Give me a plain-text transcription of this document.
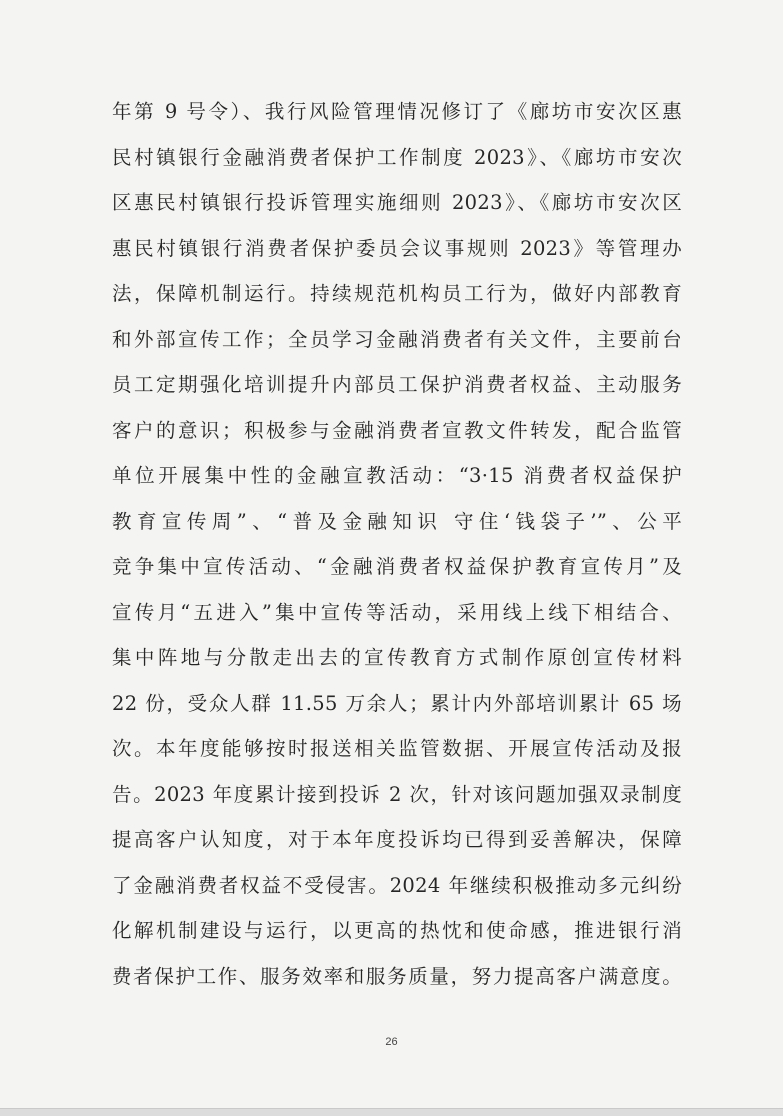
年第 9 号令）、我行风险管理情况修订了《廊坊市安次区惠
民村镇银行金融消费者保护工作制度 2023》、《廊坊市安次
区惠民村镇银行投诉管理实施细则 2023》、《廊坊市安次区
惠民村镇银行消费者保护委员会议事规则 2023》等管理办
法，保障机制运行。持续规范机构员工行为，做好内部教育
和外部宣传工作；全员学习金融消费者有关文件，主要前台
员工定期强化培训提升内部员工保护消费者权益、主动服务
客户的意识；积极参与金融消费者宣教文件转发，配合监管
单位开展集中性的金融宣教活动：“3·15 消费者权益保护
教育宣传周”、“普及金融知识 守住‘钱袋子’”、公平
竞争集中宣传活动、“金融消费者权益保护教育宣传月”及
宣传月“五进入”集中宣传等活动，采用线上线下相结合、
集中阵地与分散走出去的宣传教育方式制作原创宣传材料
22 份，受众人群 11.55 万余人；累计内外部培训累计 65 场
次。本年度能够按时报送相关监管数据、开展宣传活动及报
告。2023 年度累计接到投诉 2 次，针对该问题加强双录制度
提高客户认知度，对于本年度投诉均已得到妥善解决，保障
了金融消费者权益不受侵害。2024 年继续积极推动多元纠纷
化解机制建设与运行，以更高的热忱和使命感，推进银行消
费者保护工作、服务效率和服务质量，努力提高客户满意度。
26
